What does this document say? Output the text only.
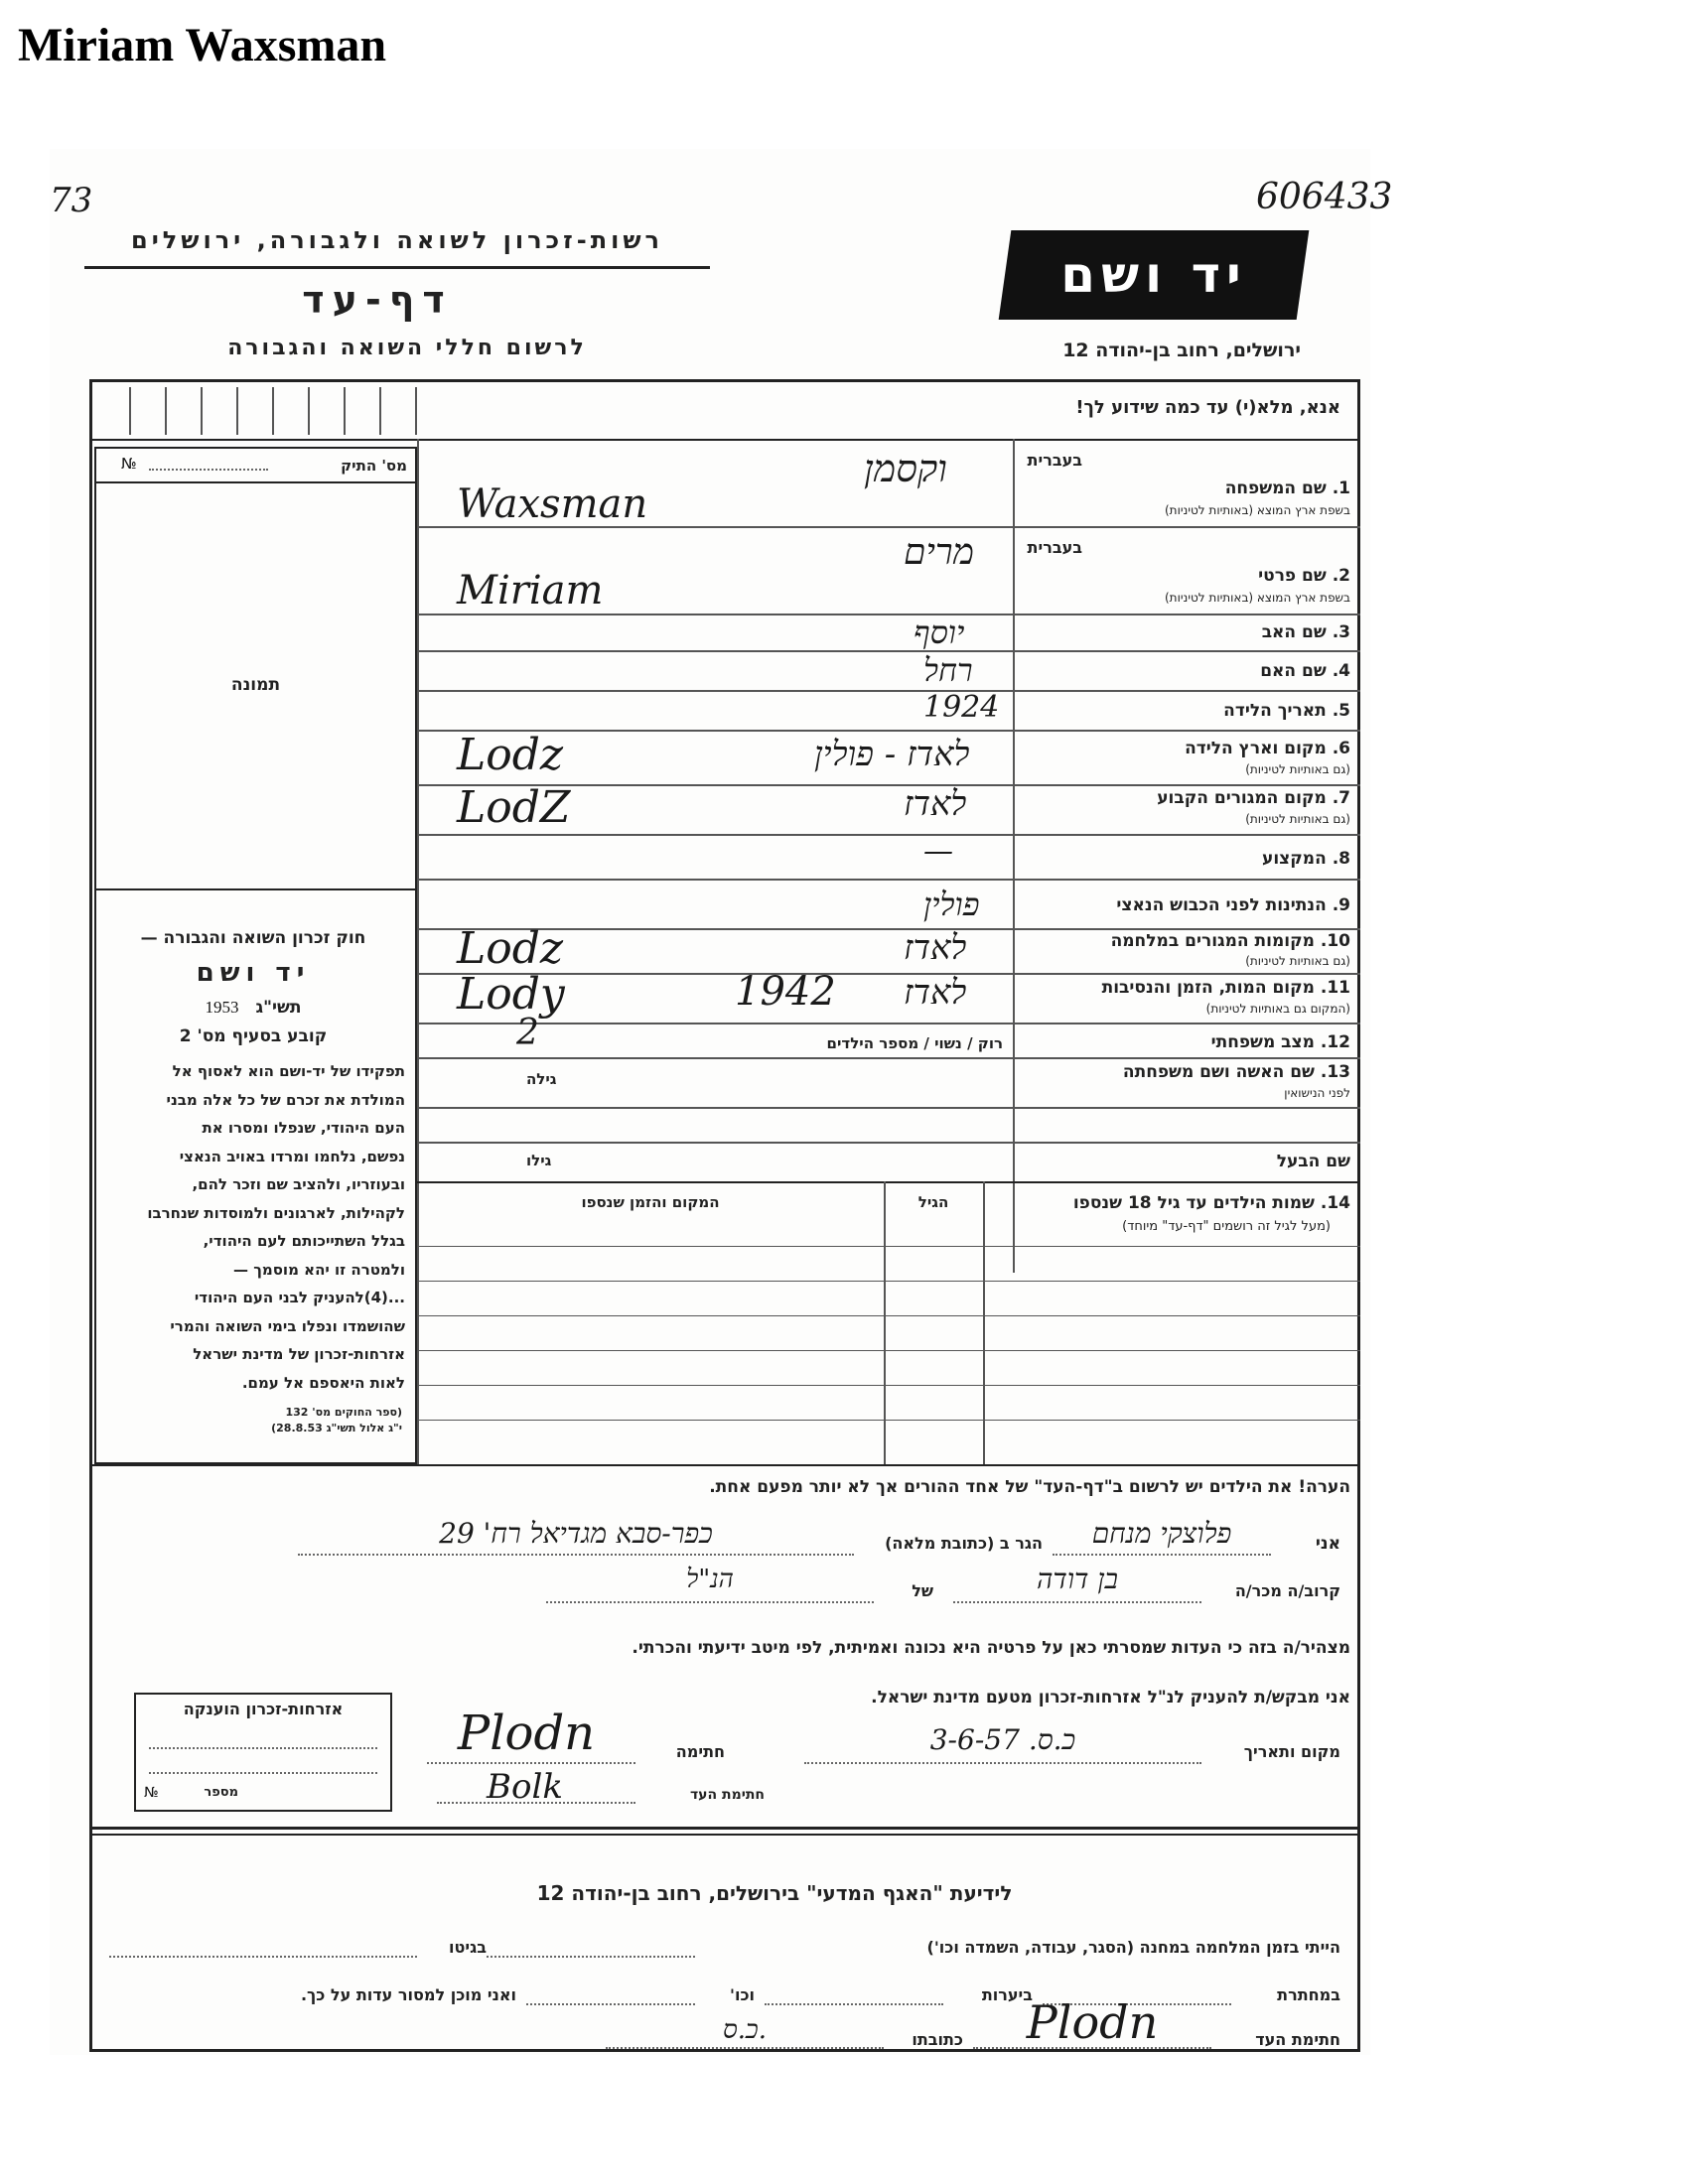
Miriam Waxsman
73	606433
רשות-זכרון לשואה ולגבורה, ירושלים
דף-עד
לרשום חללי השואה והגבורה
יד ושם
ירושלים, רחוב בן-יהודה 12
אנא, מלא(י) עד כמה שידוע לך!
מס' התיק
№
תמונה
חוק זכרון השואה והגבורה —
יד ושם
1953 תשי"ג
קובע בסעיף מס' 2
תפקידו של יד-ושם הוא לאסוף אל
המולדת את זכרם של כל אלה מבני
העם היהודי, שנפלו ומסרו את
נפשם, נלחמו ומרדו באויב הנאצי
ובעוזריו, ולהציב שם וזכר להם,
לקהילות, לארגונים ולמוסדות שנחרבו
בגלל השתייכותם לעם היהודי,
ולמטרה זו יהא מוסמך —
...(4)להעניק לבני העם היהודי
שהושמדו ונפלו בימי השואה והמרי
אזרחות-זכרון של מדינת ישראל
לאות היאספם אל עמם.
(ספר החוקים מס' 132
י"ג אלול תשי"ג 28.8.53)
בעברית
1. שם המשפחה
בשפת ארץ המוצא (באותיות לטיניות)
בעברית
2. שם פרטי
בשפת ארץ המוצא (באותיות לטיניות)
3. שם האב
4. שם האם
5. תאריך הלידה
6. מקום וארץ הלידה
(גם באותיות לטיניות)
7. מקום המגורים הקבוע
(גם באותיות לטיניות)
8. המקצוע
9. הנתינות לפני הכבוש הנאצי
10. מקומות המגורים במלחמה
(גם באותיות לטיניות)
11. מקום המות, הזמן והנסיבות
(המקום גם באותיות לטיניות)
12. מצב משפחתי
רוק / נשוי / מספר הילדים
13. שם האשה ושם משפחתה
לפני הנישואין
גילה
שם הבעל
גילו
וקסמן
Waxsman
מרים
Miriam
יוסף
רחל
1924
לאדז - פולין
Lodz
לאדז
LodZ
—
פולין
לאדז
Lodz
לאדז
1942
Lody
2
14. שמות הילדים עד גיל 18 שנספו
(מעל לגיל זה רושמים "דף-עד" מיוחד)
הגיל
המקום והזמן שנספו
הערה! את הילדים יש לרשום ב"דף-העד" של אחד ההורים אך לא יותר מפעם אחת.
אני
פלוצקי מנחם
הגר ב (כתובת מלאה)
כפר-סבא מגדיאל רח' 29
קרוב/ה מכר/ה
בן דודה
של
הנ"ל
מצהיר/ה בזה כי העדות שמסרתי כאן על פרטיה היא נכונה ואמיתית, לפי מיטב ידיעתי והכרתי.
אני מבקש/ת להעניק לנ"ל אזרחות-זכרון מטעם מדינת ישראל.
מקום ותאריך
כ.ס. 3-6-57
חתימה
Plodn
חתימת העד
Bolk
אזרחות-זכרון הוענקה
№	מספר
לידיעת "האגף המדעי" בירושלים, רחוב בן-יהודה 12
הייתי בזמן המלחמה במחנה (הסגר, עבודה, השמדה וכו')
בגיטו
במחתרת
ביערות
וכו'
ואני מוכן למסור עדות על כך.
חתימת העד
Plodn
כתובתו
כ.ס.
